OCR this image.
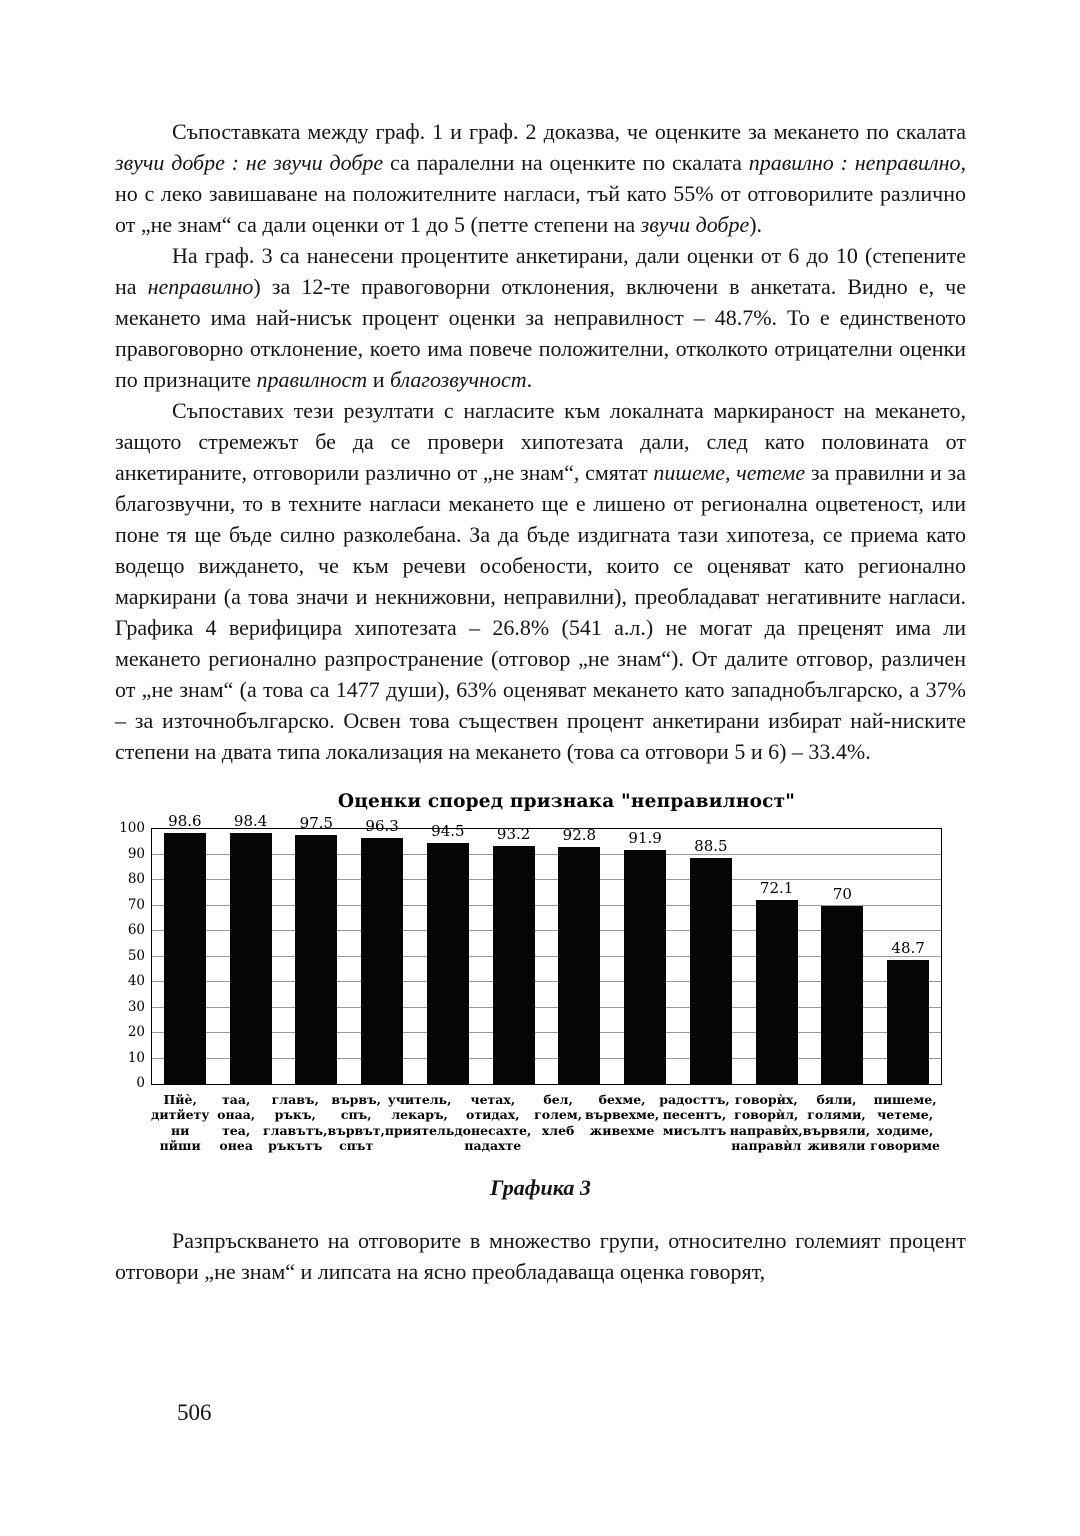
Съпоставката между граф. 1 и граф. 2 доказва, че оценките за мекането по скалата звучи добре : не звучи добре са паралелни на оценките по скалата правилно : неправилно, но с леко завишаване на положителните нагласи, тъй като 55% от отговорилите различно от „не знам“ са дали оценки от 1 до 5 (петте степени на звучи добре).

На граф. 3 са нанесени процентите анкетирани, дали оценки от 6 до 10 (степените на неправилно) за 12-те правоговорни отклонения, включени в анкетата. Видно е, че мекането има най-нисък процент оценки за неправилност – 48.7%. То е единственото правоговорно отклонение, което има повече положителни, отколкото отрицателни оценки по признаците правилност и благозвучност.

Съпоставих тези резултати с нагласите към локалната маркираност на мекането, защото стремежът бе да се провери хипотезата дали, след като половината от анкетираните, отговорили различно от „не знам“, смятат пишеме, четеме за правилни и за благозвучни, то в техните нагласи мекането ще е лишено от регионална оцветеност, или поне тя ще бъде силно разколебана. За да бъде издигната тази хипотеза, се приема като водещо виждането, че към речеви особености, които се оценяват като регионално маркирани (а това значи и некнижовни, неправилни), преобладават негативните нагласи. Графика 4 верифицира хипотезата – 26.8% (541 а.л.) не могат да преценят има ли мекането регионално разпространение (отговор „не знам“). От далите отговор, различен от „не знам“ (а това са 1477 души), 63% оценяват мекането като западнобългарско, а 37% – за източнобългарско. Освен това съществен процент анкетирани избират най-ниските степени на двата типа локализация на мекането (това са отговори 5 и 6) – 33.4%.

Оценки според признака "неправилност"
0
10
20
30
40
50
60
70
80
90
100	98.6	98.4	97.5	96.3	94.5	93.2	92.8	91.9	88.5
72.1	70
48.7
Пйè,
дитйету ни
пйши
таа, онаа,
теа, онеа
главъ, ръкъ,
главътъ,
ръкътъ
вървъ, спъ,
вървът,
спът
учитель,
лекаръ,
приятель
четах,
отидах,
донесахте,
падахте
бел, голем,
хлеб
бехме,
вървехме,
живехме
радосттъ,
песентъ,
мисълтъ
говорѝх,
говорѝл,
направѝх,
направѝл
бяли,
голями,
вървяли,
живяли
пишеме,
четеме,
ходиме,
говориме
Графика 3

Разпръскването на отговорите в множество групи, относително големият процент отговори „не знам“ и липсата на ясно преобладаваща оценка говорят,

506
